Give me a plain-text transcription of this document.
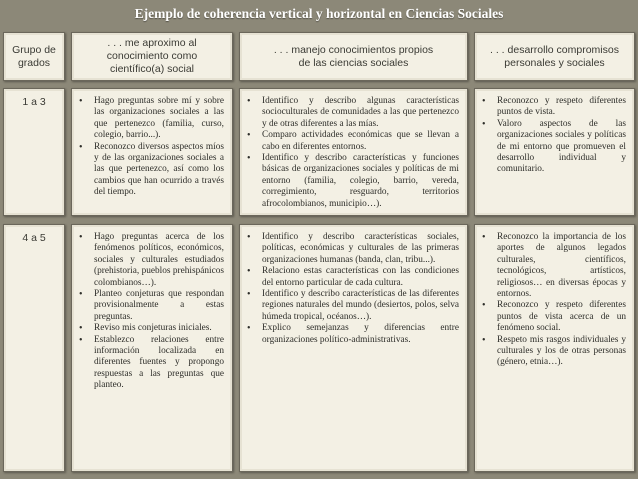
Ejemplo de coherencia vertical y horizontal en Ciencias Sociales
Grupo de
grados
. . . me aproximo al
conocimiento como
científico(a) social
. . . manejo conocimientos propios
de las ciencias sociales
. . . desarrollo compromisos
personales y sociales
1 a 3	• Hago preguntas sobre mí y sobre las organizaciones sociales a las que pertenezco (familia, curso, colegio, barrio...).
• Reconozco diversos aspectos míos y de las organizaciones sociales a las que pertenezco, así como los cambios que han ocurrido a través del tiempo.
• Identifico y describo algunas características socioculturales de comunidades a las que pertenezco y de otras diferentes a las mías.
• Comparo actividades económicas que se llevan a cabo en diferentes entornos.
• Identifico y describo características y funciones básicas de organizaciones sociales y políticas de mi entorno (familia, colegio, barrio, vereda, corregimiento, resguardo, territorios afrocolombianos, municipio…).
• Reconozco y respeto diferentes puntos de vista.
• Valoro aspectos de las organizaciones sociales y políticas de mi entorno que promueven el desarrollo individual y comunitario.
4 a 5	• Hago preguntas acerca de los fenómenos políticos, económicos, sociales y culturales estudiados (prehistoria, pueblos prehispánicos colombianos…).
• Planteo conjeturas que respondan provisionalmente a estas preguntas.
• Reviso mis conjeturas iniciales.
• Establezco relaciones entre información localizada en diferentes fuentes y propongo respuestas a las preguntas que planteo.
• Identifico y describo características sociales, políticas, económicas y culturales de las primeras organizaciones humanas (banda, clan, tribu...).
• Relaciono estas características con las condiciones del entorno particular de cada cultura.
• Identifico y describo características de las diferentes regiones naturales del mundo (desiertos, polos, selva húmeda tropical, océanos…).
• Explico semejanzas y diferencias entre organizaciones político-administrativas.
• Reconozco la importancia de los aportes de algunos legados culturales, científicos, tecnológicos, artísticos, religiosos… en diversas épocas y entornos.
• Reconozco y respeto diferentes puntos de vista acerca de un fenómeno social.
• Respeto mis rasgos individuales y culturales y los de otras personas (género, etnia…).
